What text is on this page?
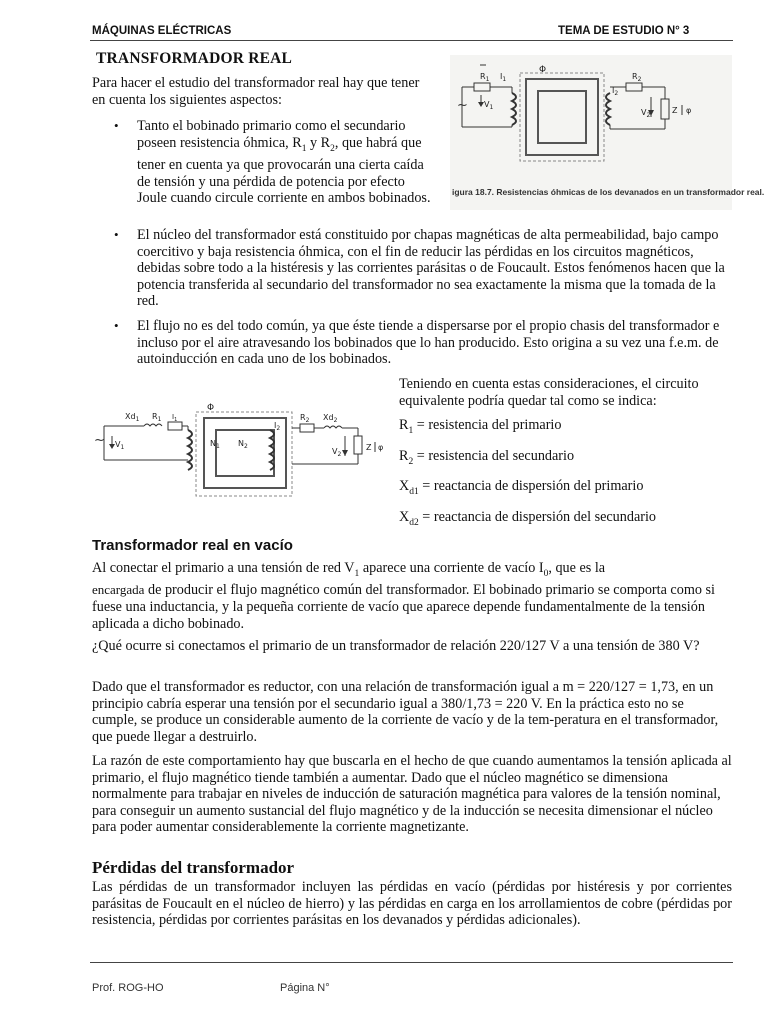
MÁQUINAS ELÉCTRICAS	TEMA DE ESTUDIO N° 3
TRANSFORMADOR REAL
Para hacer el estudio del transformador real hay que tener en cuenta los siguientes aspectos:
• Tanto el bobinado primario como el secundario poseen resistencia óhmica, $R_1$ y $R_2$, que habrá que tener en cuenta ya que provocarán una cierta caída de tensión y una pérdida de potencia por efecto Joule cuando circule corriente en ambos bobinados.
~
Φ
$R_1$ $I_1$
$V_1$
$I_2$
$R_2$
$V_2$
Z φ
igura 18.7. Resistencias óhmicas de los devanados en un transformador real.
• El núcleo del transformador está constituido por chapas magnéticas de alta permeabilidad, bajo campo coercitivo y baja resistencia óhmica, con el fin de reducir las pérdidas en los circuitos magnéticos, debidas sobre todo a la histéresis y las corrientes parásitas o de Foucault. Estos fenómenos hacen que la potencia transferida al secundario del transformador no sea exactamente la misma que la tomada de la red.
• El flujo no es del todo común, ya que éste tiende a dispersarse por el propio chasis del transformador e incluso por el aire atravesando los bobinados que lo han producido. Esto origina a su vez una f.e.m. de autoinducción en cada uno de los bobinados.
~
Φ
$Xd_1$ $R_1$ $I_1$
$V_1$	$N_1$ $N_2$
$I_2$
$R_2$ $Xd_2$
$V_2$
Z φ
Teniendo en cuenta estas consideraciones, el circuito equivalente podría quedar tal como se indica:
$R_1$ = resistencia del primario
$R_2$ = resistencia del secundario
$X_{d1}$ = reactancia de dispersión del primario
$X_{d2}$ = reactancia de dispersión del secundario
Transformador real en vacío
Al conectar el primario a una tensión de red $V_1$ aparece una corriente de vacío $I_0$, que es la
encargada de producir el flujo magnético común del transformador. El bobinado primario se comporta como si fuese una inductancia, y la pequeña corriente de vacío que aparece depende fundamentalmente de la tensión aplicada a dicho bobinado.
¿Qué ocurre si conectamos el primario de un transformador de relación 220/127 V a una tensión de 380 V?
Dado que el transformador es reductor, con una relación de transformación igual a m = 220/127 = 1,73, en un principio cabría esperar una tensión por el secundario igual a 380/1,73 = 220 V. En la práctica esto no se cumple, se produce un considerable aumento de la corriente de vacío y de la tem-peratura en el transformador, que puede llegar a destruirlo.
La razón de este comportamiento hay que buscarla en el hecho de que cuando aumentamos la tensión aplicada al primario, el flujo magnético tiende también a aumentar. Dado que el núcleo magnético se dimensiona normalmente para trabajar en niveles de inducción de saturación magnética para valores de la tensión nominal, para conseguir un aumento sustancial del flujo magnético y de la inducción se necesita dimensionar el núcleo para poder aumentar considerablemente la corriente magnetizante.
Pérdidas del transformador
Las pérdidas de un transformador incluyen las pérdidas en vacío (pérdidas por histéresis y por corrientes parásitas de Foucault en el núcleo de hierro) y las pérdidas en carga en los arrollamientos de cobre (pérdidas por resistencia, pérdidas por corrientes parásitas en los devanados y pérdidas adicionales).
Prof. ROG-HO	Página N°
